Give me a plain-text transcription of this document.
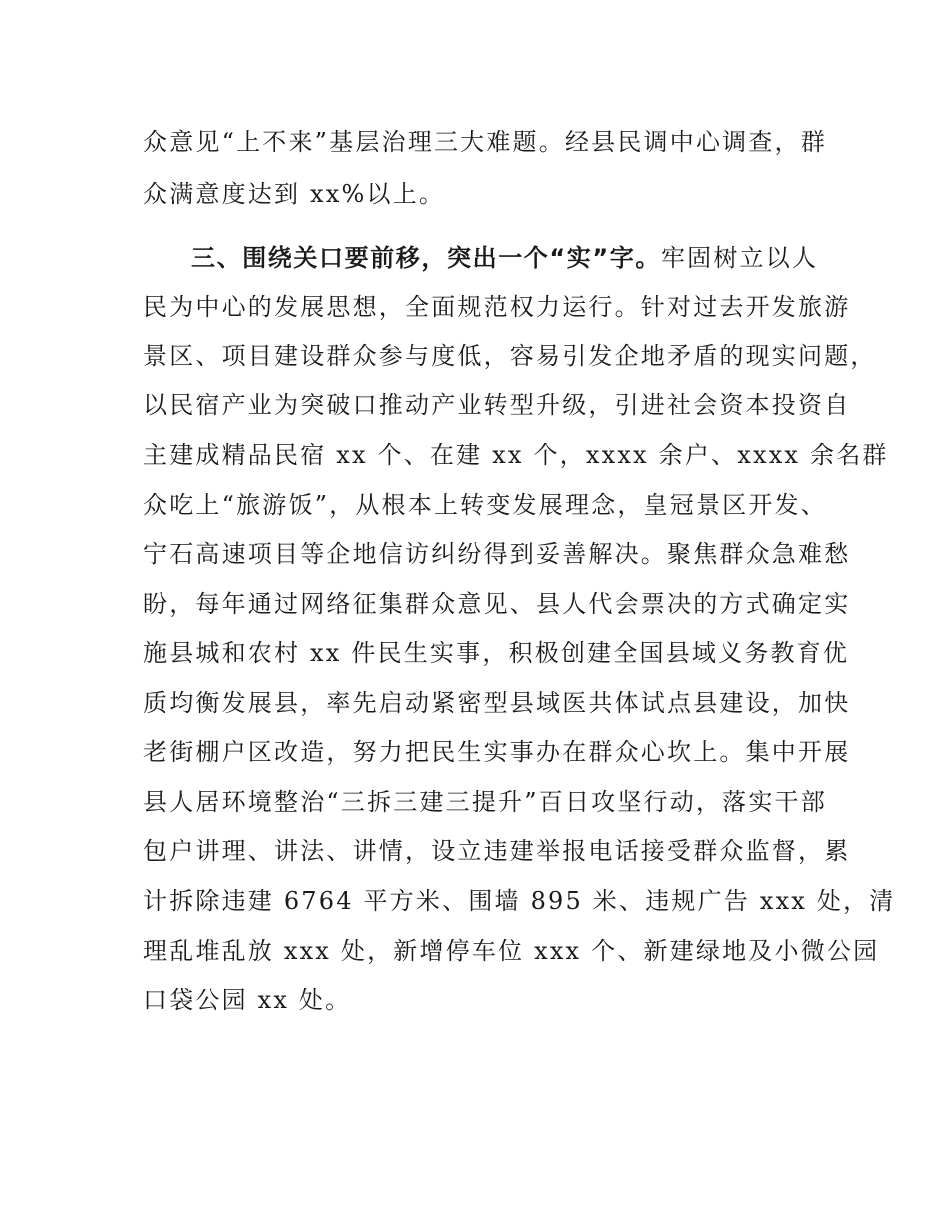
众意见“上不来”基层治理三大难题。经县民调中心调查，群
众满意度达到 xx%以上。
三、围绕关口要前移，突出一个“实”字。牢固树立以人
民为中心的发展思想，全面规范权力运行。针对过去开发旅游
景区、项目建设群众参与度低，容易引发企地矛盾的现实问题，
以民宿产业为突破口推动产业转型升级，引进社会资本投资自
主建成精品民宿 xx 个、在建 xx 个，xxxx 余户、xxxx 余名群
众吃上“旅游饭”，从根本上转变发展理念，皇冠景区开发、
宁石高速项目等企地信访纠纷得到妥善解决。聚焦群众急难愁
盼，每年通过网络征集群众意见、县人代会票决的方式确定实
施县城和农村 xx 件民生实事，积极创建全国县域义务教育优
质均衡发展县，率先启动紧密型县域医共体试点县建设，加快
老街棚户区改造，努力把民生实事办在群众心坎上。集中开展
县人居环境整治“三拆三建三提升”百日攻坚行动，落实干部
包户讲理、讲法、讲情，设立违建举报电话接受群众监督，累
计拆除违建 6764 平方米、围墙 895 米、违规广告 xxx 处，清
理乱堆乱放 xxx 处，新增停车位 xxx 个、新建绿地及小微公园
口袋公园 xx 处。
